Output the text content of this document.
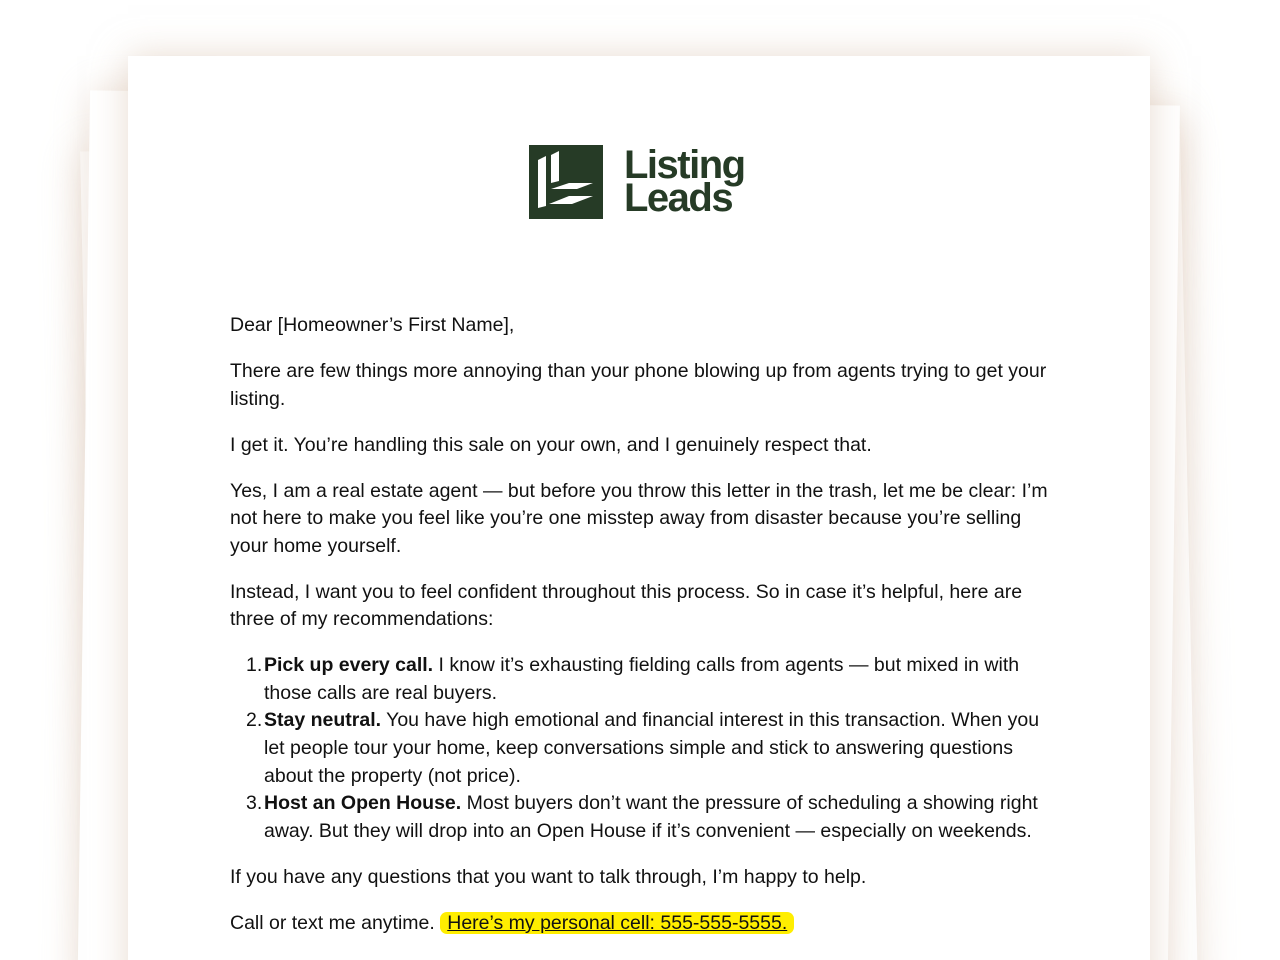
Listing
Leads

Dear [Homeowner’s First Name],

There are few things more annoying than your phone blowing up from agents trying to get your listing.

I get it. You’re handling this sale on your own, and I genuinely respect that.

Yes, I am a real estate agent — but before you throw this letter in the trash, let me be clear: I’m not here to make you feel like you’re one misstep away from disaster because you’re selling your home yourself.

Instead, I want you to feel confident throughout this process. So in case it’s helpful, here are three of my recommendations:

1. Pick up every call. I know it’s exhausting fielding calls from agents — but mixed in with those calls are real buyers.
2. Stay neutral. You have high emotional and financial interest in this transaction. When you let people tour your home, keep conversations simple and stick to answering questions about the property (not price).
3. Host an Open House. Most buyers don’t want the pressure of scheduling a showing right away. But they will drop into an Open House if it’s convenient — especially on weekends.

If you have any questions that you want to talk through, I’m happy to help.

Call or text me anytime. Here’s my personal cell: 555-555-5555.
